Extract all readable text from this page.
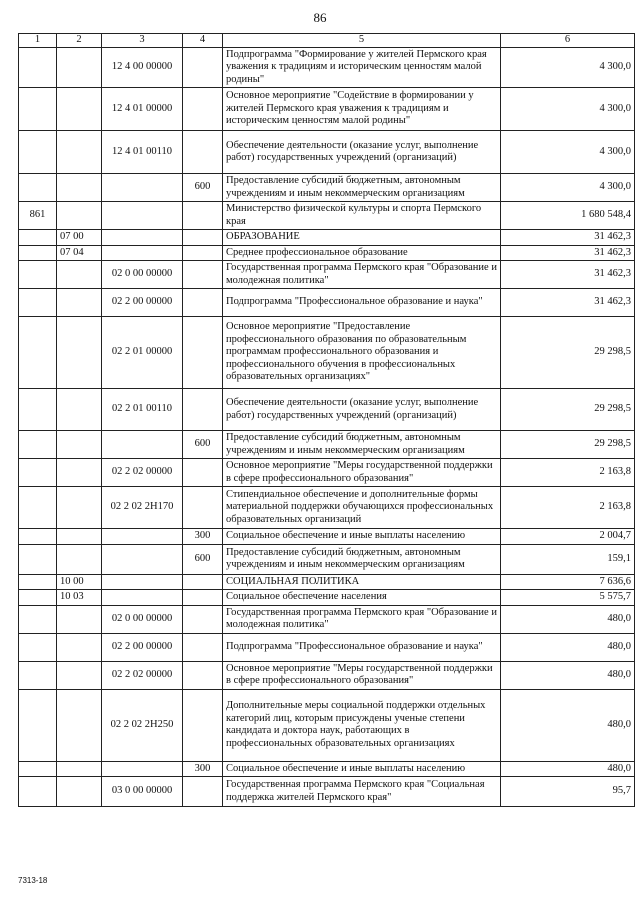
86
1	2	3	4	5	6
		12 4 00 00000		Подпрограмма "Формирование у жителей Пермского края уважения к традициям и историческим ценностям малой родины"	4 300,0
		12 4 01 00000		Основное мероприятие "Содействие в формировании у жителей Пермского края уважения к традициям и историческим ценностям малой родины"	4 300,0
		12 4 01 00110		Обеспечение деятельности (оказание услуг, выполнение работ) государственных учреждений (организаций)	4 300,0
			600	Предоставление субсидий бюджетным, автономным учреждениям и иным некоммерческим организациям	4 300,0
861				Министерство физической культуры и спорта Пермского края	1 680 548,4
	07 00			ОБРАЗОВАНИЕ	31 462,3
	07 04			Среднее профессиональное образование	31 462,3
		02 0 00 00000		Государственная программа Пермского края "Образование и молодежная политика"	31 462,3
		02 2 00 00000		Подпрограмма "Профессиональное образование и наука"	31 462,3
		02 2 01 00000		Основное мероприятие "Предоставление профессионального образования по образовательным программам профессионального образования и профессионального обучения в профессиональных образовательных организациях"	29 298,5
		02 2 01 00110		Обеспечение деятельности (оказание услуг, выполнение работ) государственных учреждений (организаций)	29 298,5
			600	Предоставление субсидий бюджетным, автономным учреждениям и иным некоммерческим организациям	29 298,5
		02 2 02 00000		Основное мероприятие "Меры государственной поддержки в сфере профессионального образования"	2 163,8
		02 2 02 2Н170		Стипендиальное обеспечение и дополнительные формы материальной поддержки обучающихся профессиональных образовательных организаций	2 163,8
			300	Социальное обеспечение и иные выплаты населению	2 004,7
			600	Предоставление субсидий бюджетным, автономным учреждениям и иным некоммерческим организациям	159,1
	10 00			СОЦИАЛЬНАЯ ПОЛИТИКА	7 636,6
	10 03			Социальное обеспечение населения	5 575,7
		02 0 00 00000		Государственная программа Пермского края "Образование и молодежная политика"	480,0
		02 2 00 00000		Подпрограмма "Профессиональное образование и наука"	480,0
		02 2 02 00000		Основное мероприятие "Меры государственной поддержки в сфере профессионального образования"	480,0
		02 2 02 2Н250		Дополнительные меры социальной поддержки отдельных категорий лиц, которым присуждены ученые степени кандидата и доктора наук, работающих в профессиональных образовательных организациях	480,0
			300	Социальное обеспечение и иные выплаты населению	480,0
		03 0 00 00000		Государственная программа Пермского края "Социальная поддержка жителей Пермского края"	95,7
7313-18
